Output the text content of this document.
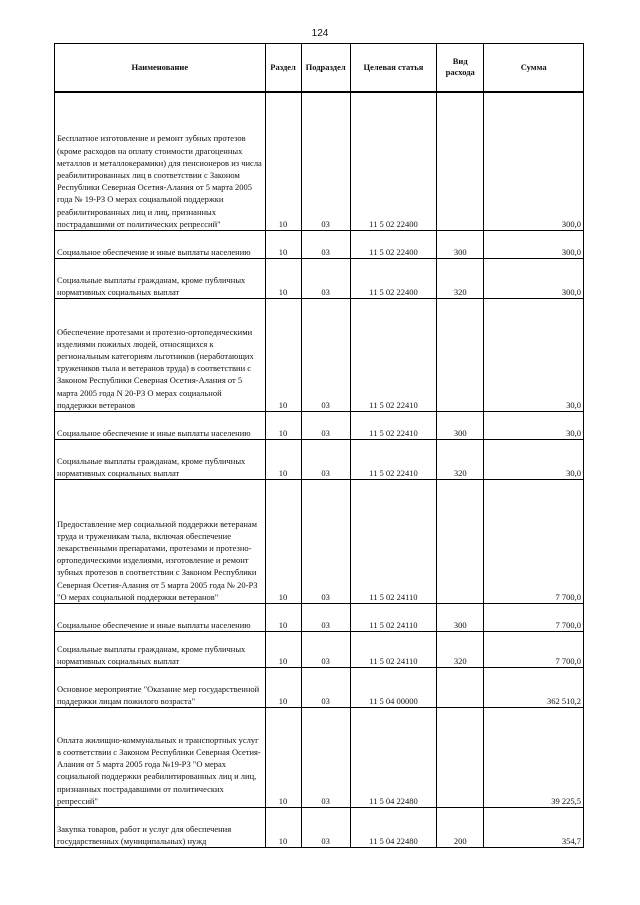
124
Наименование	Раздел	Подраздел	Целевая статья	Вид расхода	Сумма
Бесплатное изготовление и ремонт зубных протезов (кроме расходов на оплату стоимости драгоценных металлов и металлокерамики) для пенсионеров из числа реабилитированных лиц в соответствии с Законом Республики Северная Осетия-Алания от 5 марта 2005 года № 19-РЗ О мерах социальной поддержки реабилитированных лиц и лиц, признанных пострадавшими от политических репрессий"	10	03	11 5 02 22400		300,0
Социальное обеспечение и иные выплаты населению	10	03	11 5 02 22400	300	300,0
Социальные выплаты гражданам, кроме публичных нормативных социальных выплат	10	03	11 5 02 22400	320	300,0
Обеспечение протезами и протезно-ортопедическими изделиями пожилых людей, относящихся к региональным категориям льготников (неработающих тружеников тыла и ветеранов труда) в соответствии с Законом Республики Северная Осетия-Алания от 5 марта 2005 года N 20-РЗ О мерах социальной поддержки ветеранов	10	03	11 5 02 22410		30,0
Социальное обеспечение и иные выплаты населению	10	03	11 5 02 22410	300	30,0
Социальные выплаты гражданам, кроме публичных нормативных социальных выплат	10	03	11 5 02 22410	320	30,0
Предоставление мер социальной поддержки ветеранам труда и труженикам тыла, включая обеспечение лекарственными препаратами, протезами и протезно-ортопедическими изделиями, изготовление и ремонт зубных протезов в соответствии с Законом Республики Северная Осетия-Алания от 5 марта 2005 года № 20-РЗ "О мерах социальной поддержки ветеранов"	10	03	11 5 02 24110		7 700,0
Социальное обеспечение и иные выплаты населению	10	03	11 5 02 24110	300	7 700,0
Социальные выплаты гражданам, кроме публичных нормативных социальных выплат	10	03	11 5 02 24110	320	7 700,0
Основное мероприятие "Оказание мер государственной поддержки лицам пожилого возраста"	10	03	11 5 04 00000		362 510,2
Оплата жилищно-коммунальных и транспортных услуг в соответствии с Законом Республики Северная Осетия-Алания от 5 марта 2005 года №19-РЗ "О мерах социальной поддержки реабилитированных лиц и лиц, признанных пострадавшими от политических репрессий"	10	03	11 5 04 22480		39 225,5
Закупка товаров, работ и услуг для обеспечения государственных (муниципальных) нужд	10	03	11 5 04 22480	200	354,7
